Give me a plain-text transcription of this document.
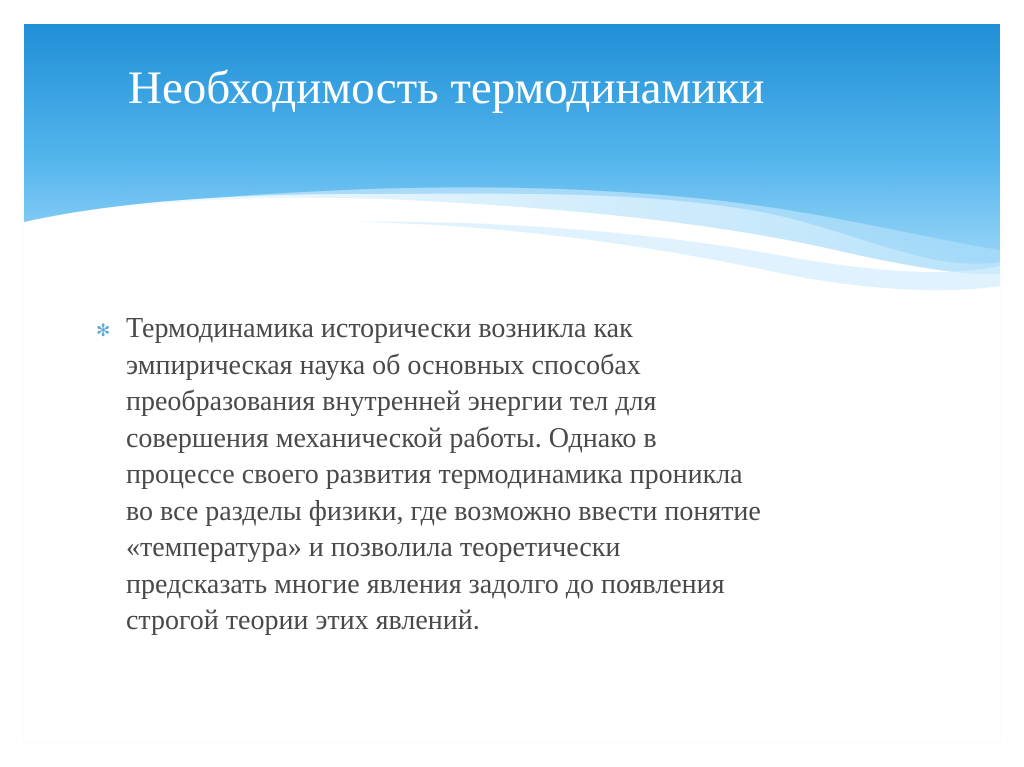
Необходимость термодинамики
✻ Термодинамика исторически возникла как
эмпирическая наука об основных способах
преобразования внутренней энергии тел для
совершения механической работы. Однако в
процессе своего развития термодинамика проникла
во все разделы физики, где возможно ввести понятие
«температура» и позволила теоретически
предсказать многие явления задолго до появления
строгой теории этих явлений.
